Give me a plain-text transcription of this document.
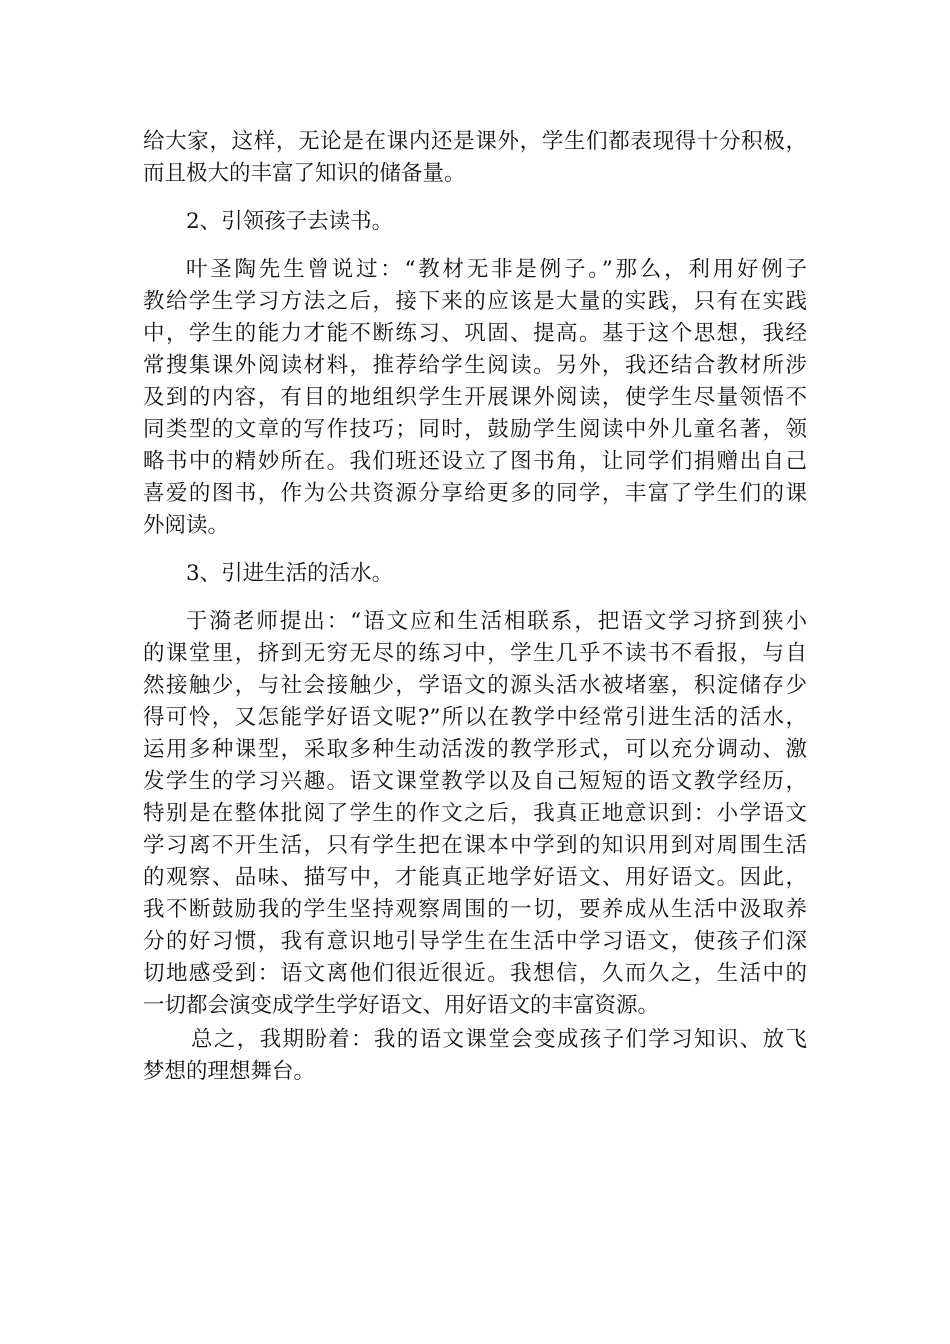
给大家，这样，无论是在课内还是课外，学生们都表现得十分积极，
而且极大的丰富了知识的储备量。
2、引领孩子去读书。
叶圣陶先生曾说过：“教材无非是例子。”那么，利用好例子
教给学生学习方法之后，接下来的应该是大量的实践，只有在实践
中，学生的能力才能不断练习、巩固、提高。基于这个思想，我经
常搜集课外阅读材料，推荐给学生阅读。另外，我还结合教材所涉
及到的内容，有目的地组织学生开展课外阅读，使学生尽量领悟不
同类型的文章的写作技巧；同时，鼓励学生阅读中外儿童名著，领
略书中的精妙所在。我们班还设立了图书角，让同学们捐赠出自己
喜爱的图书，作为公共资源分享给更多的同学，丰富了学生们的课
外阅读。
3、引进生活的活水。
于漪老师提出：“语文应和生活相联系，把语文学习挤到狭小
的课堂里，挤到无穷无尽的练习中，学生几乎不读书不看报，与自
然接触少，与社会接触少，学语文的源头活水被堵塞，积淀储存少
得可怜，又怎能学好语文呢?”所以在教学中经常引进生活的活水，
运用多种课型，采取多种生动活泼的教学形式，可以充分调动、激
发学生的学习兴趣。语文课堂教学以及自己短短的语文教学经历，
特别是在整体批阅了学生的作文之后，我真正地意识到：小学语文
学习离不开生活，只有学生把在课本中学到的知识用到对周围生活
的观察、品味、描写中，才能真正地学好语文、用好语文。因此，
我不断鼓励我的学生坚持观察周围的一切，要养成从生活中汲取养
分的好习惯，我有意识地引导学生在生活中学习语文，使孩子们深
切地感受到：语文离他们很近很近。我想信，久而久之，生活中的
一切都会演变成学生学好语文、用好语文的丰富资源。
总之，我期盼着：我的语文课堂会变成孩子们学习知识、放飞
梦想的理想舞台。
